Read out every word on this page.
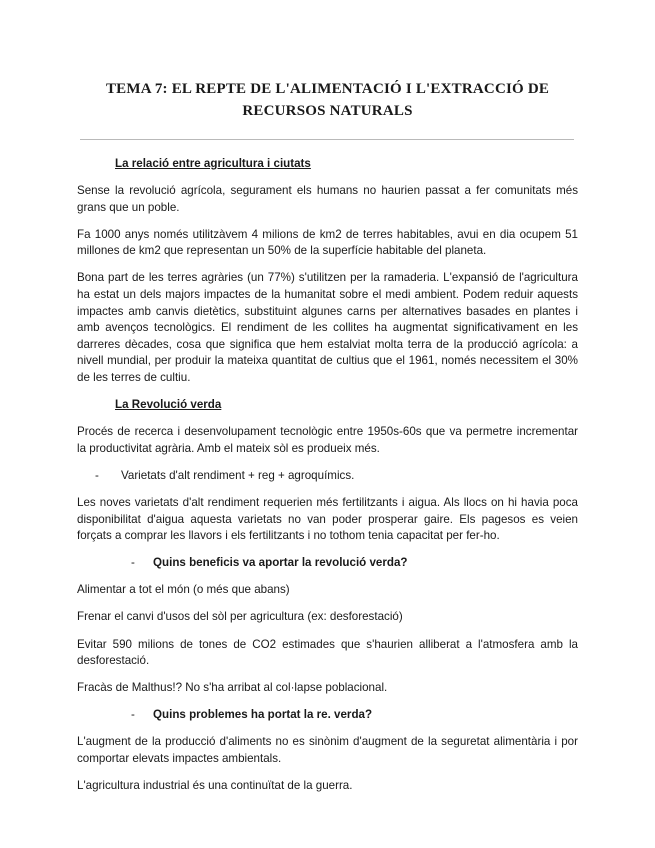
TEMA 7: EL REPTE DE L'ALIMENTACIÓ I L'EXTRACCIÓ DE
RECURSOS NATURALS
La relació entre agricultura i ciutats

Sense la revolució agrícola, segurament els humans no haurien passat a fer comunitats més grans que un poble.

Fa 1000 anys només utilitzàvem 4 milions de km2 de terres habitables, avui en dia ocupem 51 millones de km2 que representan un 50% de la superfície habitable del planeta.

Bona part de les terres agràries (un 77%) s'utilitzen per la ramaderia. L'expansió de l'agricultura ha estat un dels majors impactes de la humanitat sobre el medi ambient. Podem reduir aquests impactes amb canvis dietètics, substituint algunes carns per alternatives basades en plantes i amb avenços tecnològics. El rendiment de les collites ha augmentat significativament en les darreres dècades, cosa que significa que hem estalviat molta terra de la producció agrícola: a nivell mundial, per produir la mateixa quantitat de cultius que el 1961, només necessitem el 30% de les terres de cultiu.

La Revolució verda

Procés de recerca i desenvolupament tecnològic entre 1950s-60s que va permetre incrementar la productivitat agrària. Amb el mateix sòl es produeix més.

-	Varietats d'alt rendiment + reg + agroquímics.

Les noves varietats d'alt rendiment requerien més fertilitzants i aigua. Als llocs on hi havia poca disponibilitat d'aigua aquesta varietats no van poder prosperar gaire. Els pagesos es veien forçats a comprar les llavors i els fertilitzants i no tothom tenia capacitat per fer-ho.

-	Quins beneficis va aportar la revolució verda?

Alimentar a tot el món (o més que abans)

Frenar el canvi d'usos del sòl per agricultura (ex: desforestació)

Evitar 590 milions de tones de CO2 estimades que s'haurien alliberat a l'atmosfera amb la desforestació.

Fracàs de Malthus!? No s'ha arribat al col·lapse poblacional.

-	Quins problemes ha portat la re. verda?

L'augment de la producció d'aliments no es sinònim d'augment de la seguretat alimentària i por comportar elevats impactes ambientals.

L'agricultura industrial és una continuïtat de la guerra.
